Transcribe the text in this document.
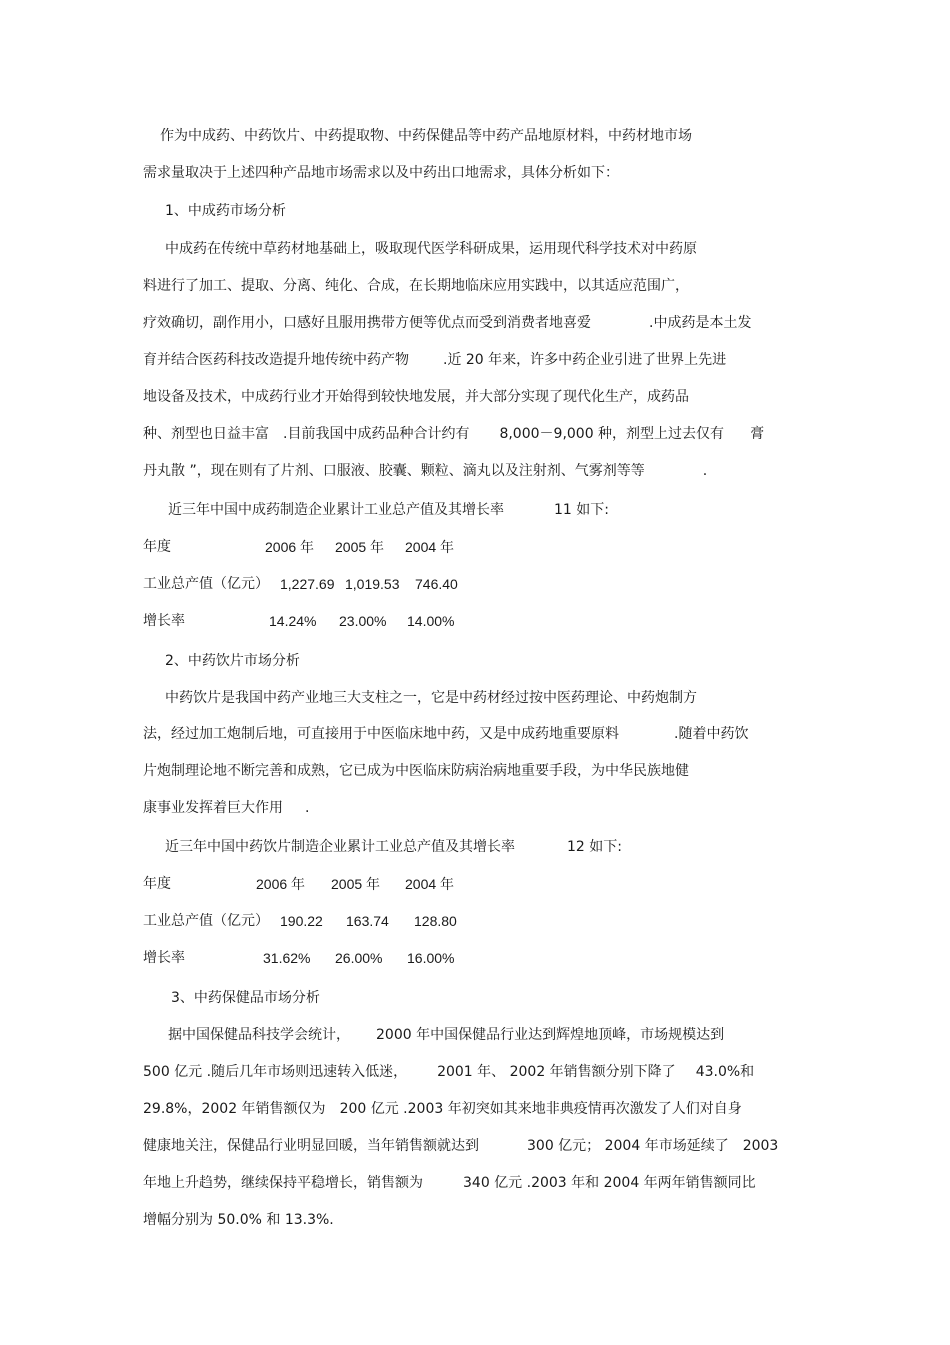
作为中成药、中药饮片、中药提取物、中药保健品等中药产品地原材料，中药材地市场
需求量取决于上述四种产品地市场需求以及中药出口地需求，具体分析如下：
1、中成药市场分析
中成药在传统中草药材地基础上，吸取现代医学科研成果，运用现代科学技术对中药原
料进行了加工、提取、分离、纯化、合成，在长期地临床应用实践中，以其适应范围广，
疗效确切，副作用小，口感好且服用携带方便等优点而受到消费者地喜爱	.中成药是本土发
育并结合医药科技改造提升地传统中药产物 .近 20 年来，许多中药企业引进了世界上先进
地设备及技术，中成药行业才开始得到较快地发展，并大部分实现了现代化生产，成药品
种、剂型也日益丰富 .目前我国中成药品种合计约有 8,000－9,000 种，剂型上过去仅有 膏
丹丸散 ”，现在则有了片剂、口服液、胶囊、颗粒、滴丸以及注射剂、气雾剂等等	.
近三年中国中成药制造企业累计工业总产值及其增长率	11 如下:
年度	2006 年 2005 年 2004 年
工业总产值（亿元） 1,227.69 1,019.53 746.40
增长率	14.24% 23.00% 14.00%
2、中药饮片市场分析
中药饮片是我国中药产业地三大支柱之一，它是中药材经过按中医药理论、中药炮制方
法，经过加工炮制后地，可直接用于中医临床地中药，又是中成药地重要原料	.随着中药饮
片炮制理论地不断完善和成熟，它已成为中医临床防病治病地重要手段，为中华民族地健
康事业发挥着巨大作用 .
近三年中国中药饮片制造企业累计工业总产值及其增长率	12 如下:
年度	2006 年 2005 年 2004 年
工业总产值（亿元） 190.22 163.74 128.80
增长率	31.62% 26.00% 16.00%
3、中药保健品市场分析
据中国保健品科技学会统计， 2000 年中国保健品行业达到辉煌地顶峰，市场规模达到
500 亿元 .随后几年市场则迅速转入低迷， 2001 年、 2002 年销售额分别下降了 43.0%和
29.8%，2002 年销售额仅为 200 亿元 .2003 年初突如其来地非典疫情再次激发了人们对自身
健康地关注，保健品行业明显回暖，当年销售额就达到	300 亿元； 2004 年市场延续了 2003
年地上升趋势，继续保持平稳增长，销售额为	340 亿元 .2003 年和 2004 年两年销售额同比
增幅分别为 50.0% 和 13.3%.
